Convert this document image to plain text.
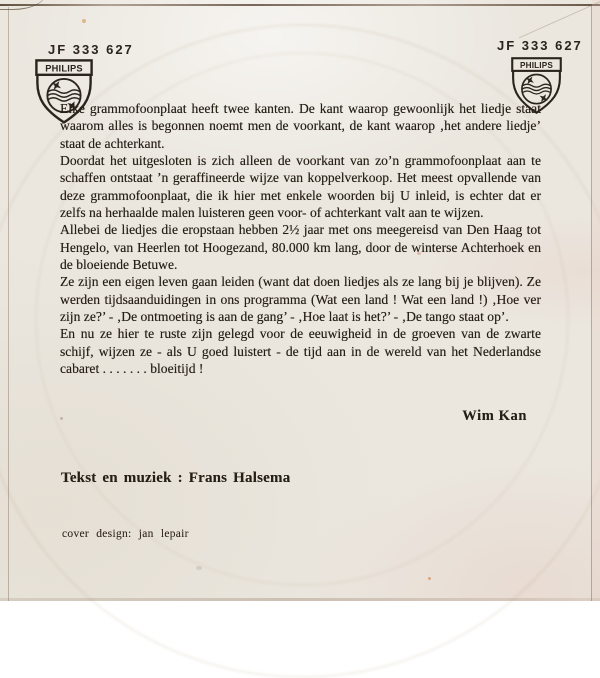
JF 333 627	JF 333 627
PHILIPS	PHILIPS

Elke grammofoonplaat heeft twee kanten. De kant waarop gewoonlijk het liedje staat waarom alles is begonnen noemt men de voorkant, de kant waarop ‚het andere liedje’ staat de achterkant.

Doordat het uitgesloten is zich alleen de voorkant van zo’n grammofoonplaat aan te schaffen ontstaat ’n geraffineerde wijze van koppelverkoop. Het meest opvallende van deze grammofoonplaat, die ik hier met enkele woorden bij U inleid, is echter dat er zelfs na herhaalde malen luisteren geen voor- of achterkant valt aan te wijzen.

Allebei de liedjes die eropstaan hebben 2½ jaar met ons meegereisd van Den Haag tot Hengelo, van Heerlen tot Hoogezand, 80.000 km lang, door de winterse Achterhoek en de bloeiende Betuwe.

Ze zijn een eigen leven gaan leiden (want dat doen liedjes als ze lang bij je blijven). Ze werden tijdsaanduidingen in ons programma (Wat een land ! Wat een land !) ‚Hoe ver zijn ze?’ - ‚De ontmoeting is aan de gang’ - ‚Hoe laat is het?’ - ‚De tango staat op’.

En nu ze hier te ruste zijn gelegd voor de eeuwigheid in de groeven van de zwarte schijf, wijzen ze - als U goed luistert - de tijd aan in de wereld van het Nederlandse cabaret . . . . . . . bloeitijd !

Wim Kan
Tekst en muziek : Frans Halsema
cover design: jan lepair
